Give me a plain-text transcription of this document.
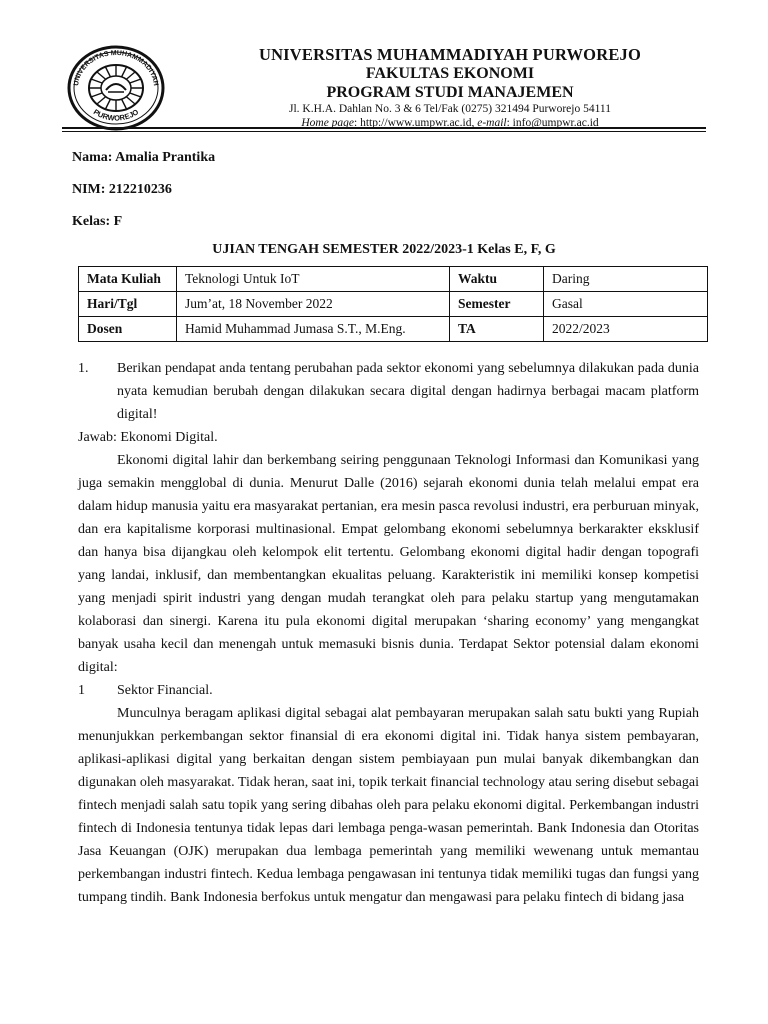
UNIVERSITAS MUHAMMADIYAH
PURWOREJO
UNIVERSITAS MUHAMMADIYAH PURWOREJO
FAKULTAS EKONOMI
PROGRAM STUDI MANAJEMEN
Jl. K.H.A. Dahlan No. 3 & 6 Tel/Fak (0275) 321494 Purworejo 54111
Home page: http://www.umpwr.ac.id, e-mail: info@umpwr.ac.id
Nama: Amalia Prantika
NIM: 212210236
Kelas: F
UJIAN TENGAH SEMESTER 2022/2023-1 Kelas E, F, G
Mata Kuliah	Teknologi Untuk IoT	Waktu	Daring
Hari/Tgl	Jum’at, 18 November 2022	Semester	Gasal
Dosen	Hamid Muhammad Jumasa S.T., M.Eng.	TA	2022/2023
1.	Berikan pendapat anda tentang perubahan pada sektor ekonomi yang sebelumnya dilakukan pada dunia nyata kemudian berubah dengan dilakukan secara digital dengan hadirnya berbagai macam platform digital!

Jawab: Ekonomi Digital.

Ekonomi digital lahir dan berkembang seiring penggunaan Teknologi Informasi dan Komunikasi yang juga semakin mengglobal di dunia. Menurut Dalle (2016) sejarah ekonomi dunia telah melalui empat era dalam hidup manusia yaitu era masyarakat pertanian, era mesin pasca revolusi industri, era perburuan minyak, dan era kapitalisme korporasi multinasional. Empat gelombang ekonomi sebelumnya berkarakter eksklusif dan hanya bisa dijangkau oleh kelompok elit tertentu. Gelombang ekonomi digital hadir dengan topografi yang landai, inklusif, dan membentangkan ekualitas peluang. Karakteristik ini memiliki konsep kompetisi yang menjadi spirit industri yang dengan mudah terangkat oleh para pelaku startup yang mengutamakan kolaborasi dan sinergi. Karena itu pula ekonomi digital merupakan ‘sharing economy’ yang mengangkat banyak usaha kecil dan menengah untuk memasuki bisnis dunia. Terdapat Sektor potensial dalam ekonomi digital:

1	Sektor Financial.

Munculnya beragam aplikasi digital sebagai alat pembayaran merupakan salah satu bukti yang Rupiah menunjukkan perkembangan sektor finansial di era ekonomi digital ini. Tidak hanya sistem pembayaran, aplikasi-aplikasi digital yang berkaitan dengan sistem pembiayaan pun mulai banyak dikembangkan dan digunakan oleh masyarakat. Tidak heran, saat ini, topik terkait financial technology atau sering disebut sebagai fintech menjadi salah satu topik yang sering dibahas oleh para pelaku ekonomi digital. Perkembangan industri fintech di Indonesia tentunya tidak lepas dari lembaga penga-wasan pemerintah. Bank Indonesia dan Otoritas Jasa Keuangan (OJK) merupakan dua lembaga pemerintah yang memiliki wewenang untuk memantau perkembangan industri fintech. Kedua lembaga pengawasan ini tentunya tidak memiliki tugas dan fungsi yang tumpang tindih. Bank Indonesia berfokus untuk mengatur dan mengawasi para pelaku fintech di bidang jasa
